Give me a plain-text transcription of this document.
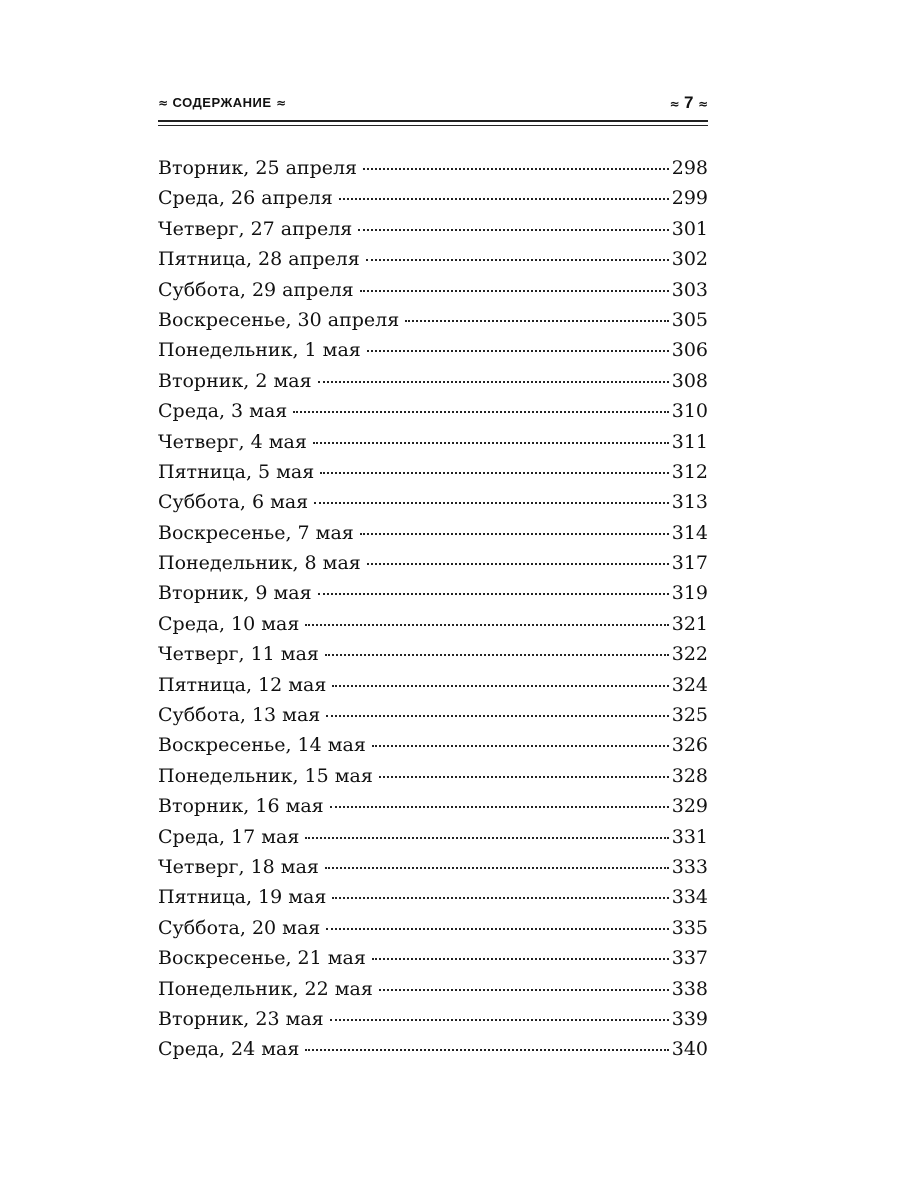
≈ СОДЕРЖАНИЕ ≈	≈ 7 ≈
Вторник, 25 апреля	298
Среда, 26 апреля	299
Четверг, 27 апреля	301
Пятница, 28 апреля	302
Суббота, 29 апреля	303
Воскресенье, 30 апреля	305
Понедельник, 1 мая	306
Вторник, 2 мая	308
Среда, 3 мая	310
Четверг, 4 мая	311
Пятница, 5 мая	312
Суббота, 6 мая	313
Воскресенье, 7 мая	314
Понедельник, 8 мая	317
Вторник, 9 мая	319
Среда, 10 мая	321
Четверг, 11 мая	322
Пятница, 12 мая	324
Суббота, 13 мая	325
Воскресенье, 14 мая	326
Понедельник, 15 мая	328
Вторник, 16 мая	329
Среда, 17 мая	331
Четверг, 18 мая	333
Пятница, 19 мая	334
Суббота, 20 мая	335
Воскресенье, 21 мая	337
Понедельник, 22 мая	338
Вторник, 23 мая	339
Среда, 24 мая	340
